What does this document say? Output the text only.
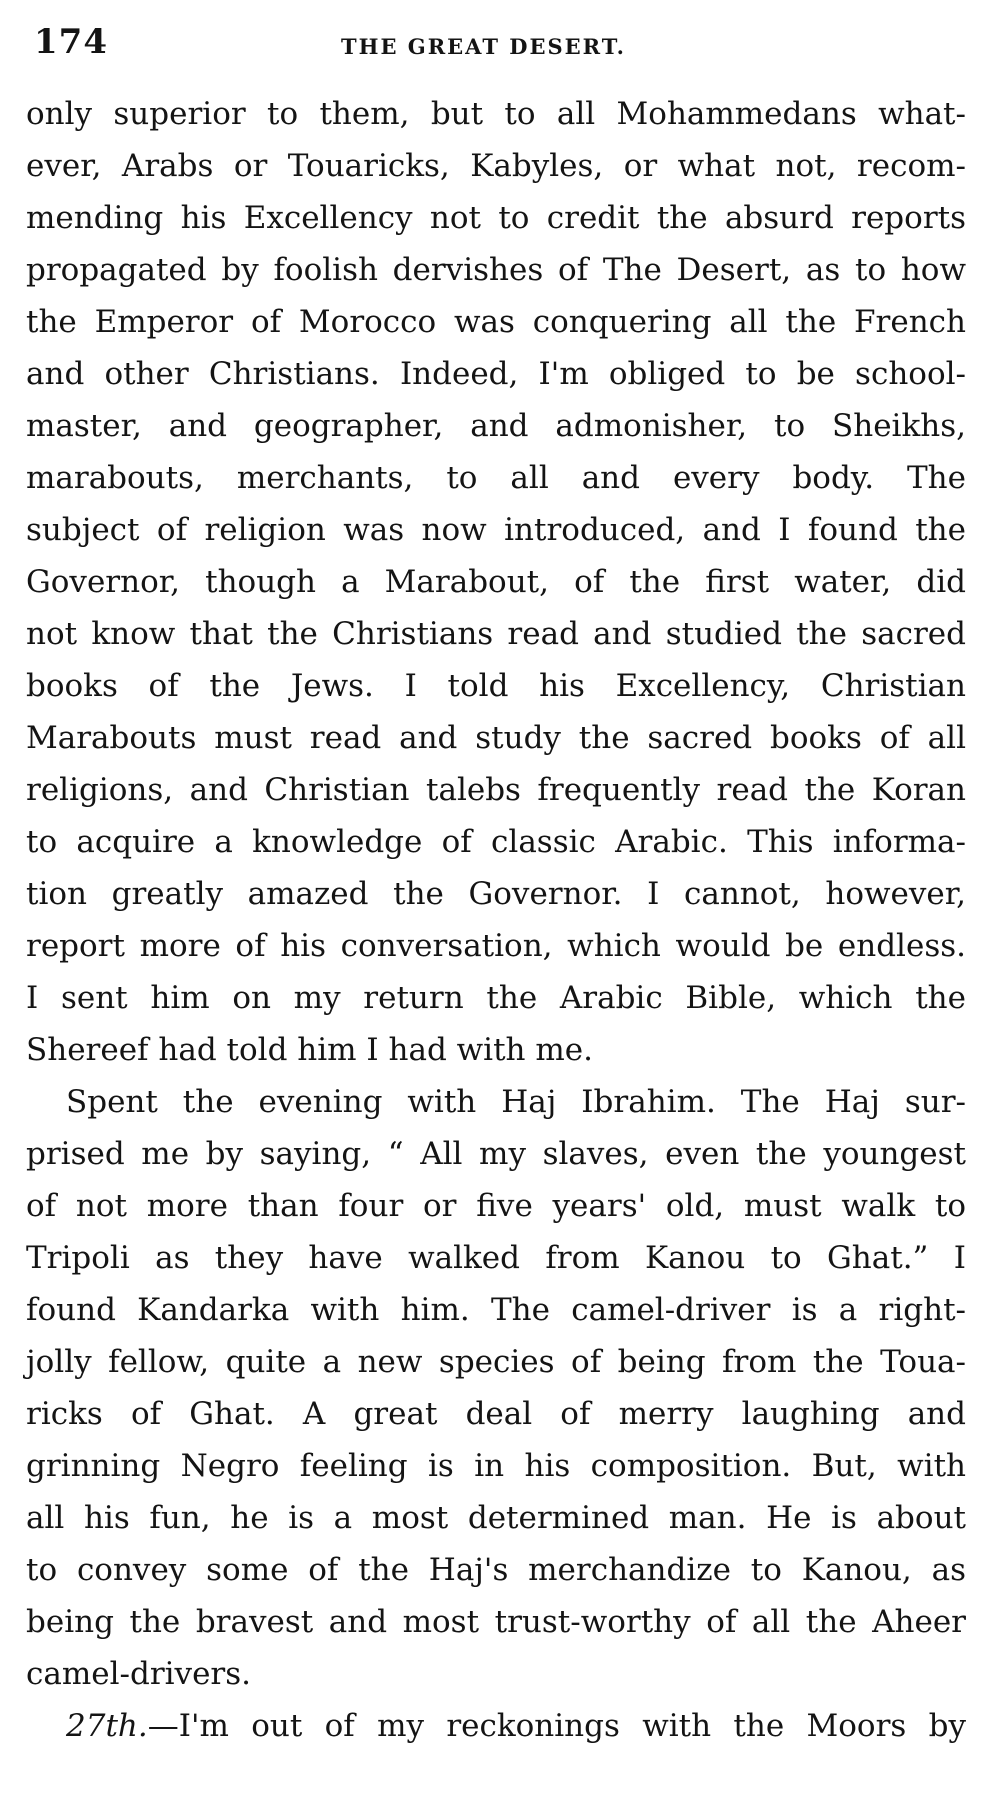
174	THE GREAT DESERT.
only superior to them, but to all Mohammedans what-
ever, Arabs or Touaricks, Kabyles, or what not, recom-
mending his Excellency not to credit the absurd reports
propagated by foolish dervishes of The Desert, as to how
the Emperor of Morocco was conquering all the French
and other Christians. Indeed, I'm obliged to be school-
master, and geographer, and admonisher, to Sheikhs,
marabouts, merchants, to all and every body. The
subject of religion was now introduced, and I found the
Governor, though a Marabout, of the first water, did
not know that the Christians read and studied the sacred
books of the Jews. I told his Excellency, Christian
Marabouts must read and study the sacred books of all
religions, and Christian talebs frequently read the Koran
to acquire a knowledge of classic Arabic. This informa-
tion greatly amazed the Governor. I cannot, however,
report more of his conversation, which would be endless.
I sent him on my return the Arabic Bible, which the
Shereef had told him I had with me.
Spent the evening with Haj Ibrahim. The Haj sur-
prised me by saying, “ All my slaves, even the youngest
of not more than four or five years' old, must walk to
Tripoli as they have walked from Kanou to Ghat.” I
found Kandarka with him. The camel-driver is a right-
jolly fellow, quite a new species of being from the Toua-
ricks of Ghat. A great deal of merry laughing and
grinning Negro feeling is in his composition. But, with
all his fun, he is a most determined man. He is about
to convey some of the Haj's merchandize to Kanou, as
being the bravest and most trust-worthy of all the Aheer
camel-drivers.
27th.—I'm out of my reckonings with the Moors by
